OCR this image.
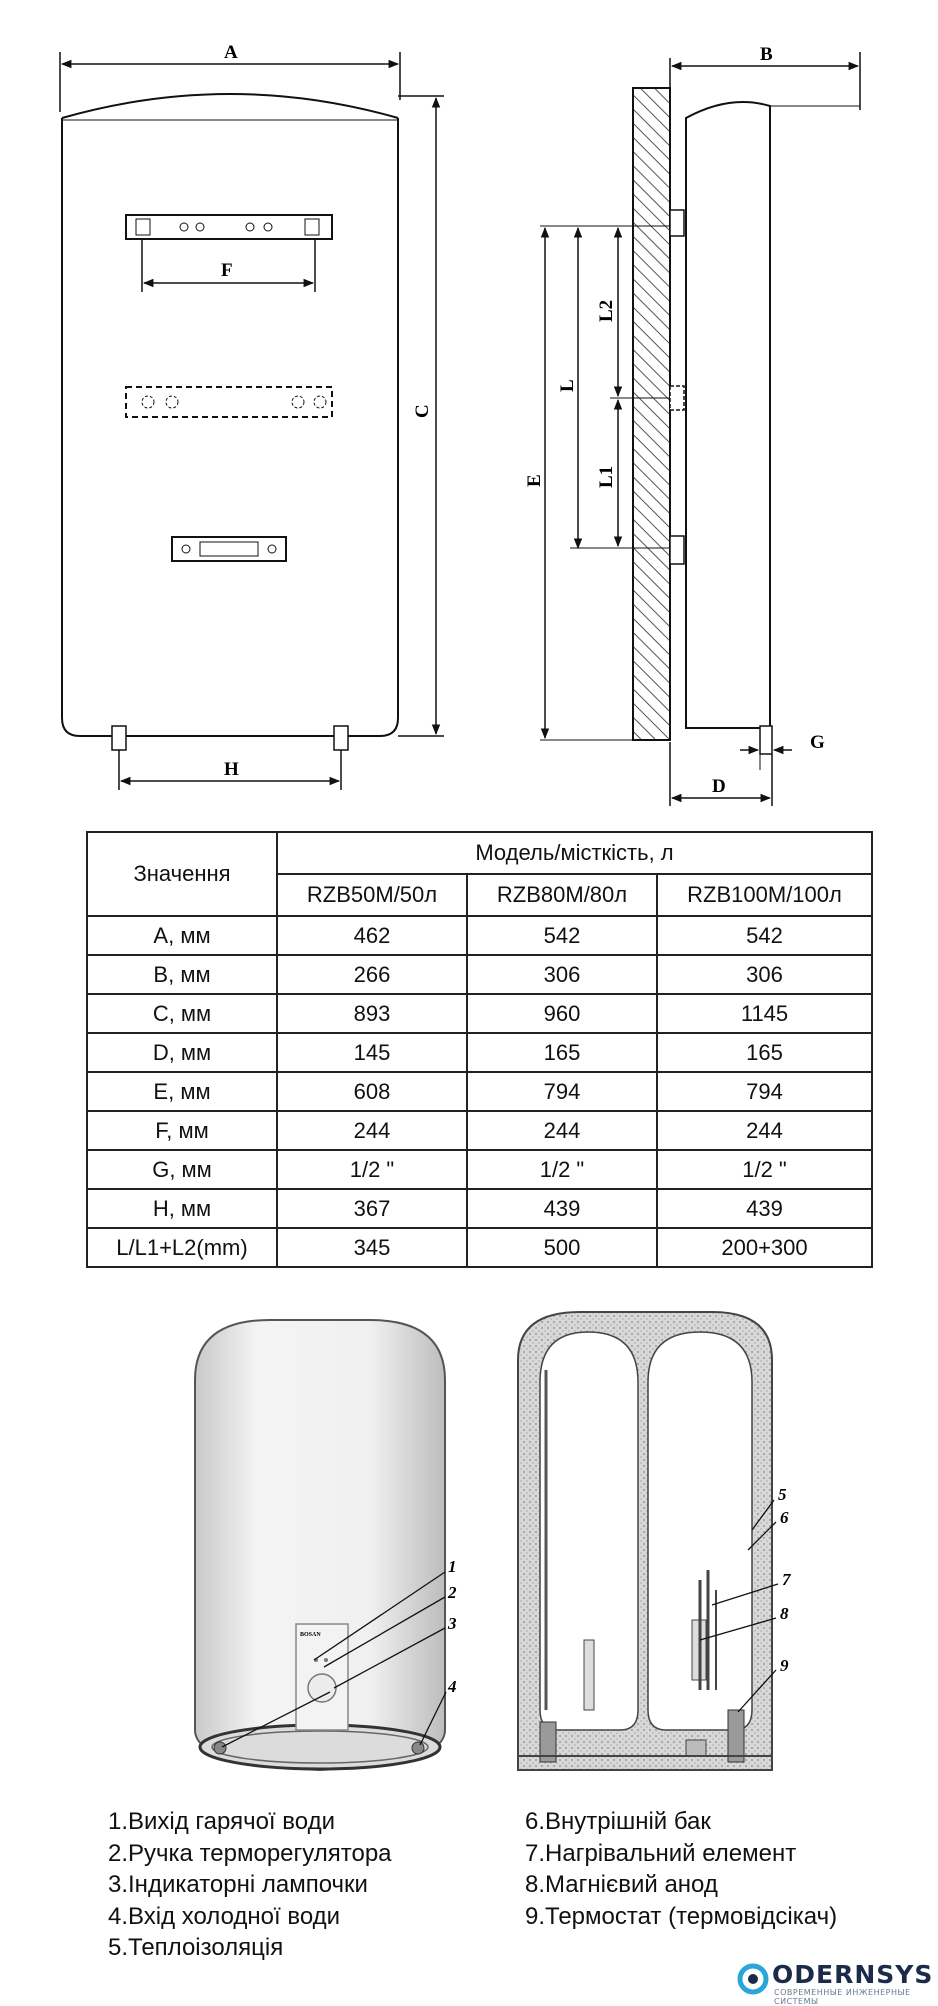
A
F
H
C
B
E
L
L2
L1
D
G
Значення	Модель/місткість, л		
	RZB50M/50л	RZB80M/80л	RZB100M/100л
A, мм	462	542	542
B, мм	266	306	306
C, мм	893	960	1145
D, мм	145	165	165
E, мм	608	794	794
F, мм	244	244	244
G, мм	1/2 "	1/2 "	1/2 "
H, мм	367	439	439
L/L1+L2(mm)	345	500	200+300
BOSAN
1
2
3
4
5
6
7
8
9
1.Вихід гарячої води
2.Ручка терморегулятора
3.Індикаторні лампочки
4.Вхід холодної води
5.Теплоізоляція
6.Внутрішній бак
7.Нагрівальний елемент
8.Магнієвий анод
9.Термостат (термовідсікач)
ODERNSYS
СОВРЕМЕННЫЕ ИНЖЕНЕРНЫЕ СИСТЕМЫ
